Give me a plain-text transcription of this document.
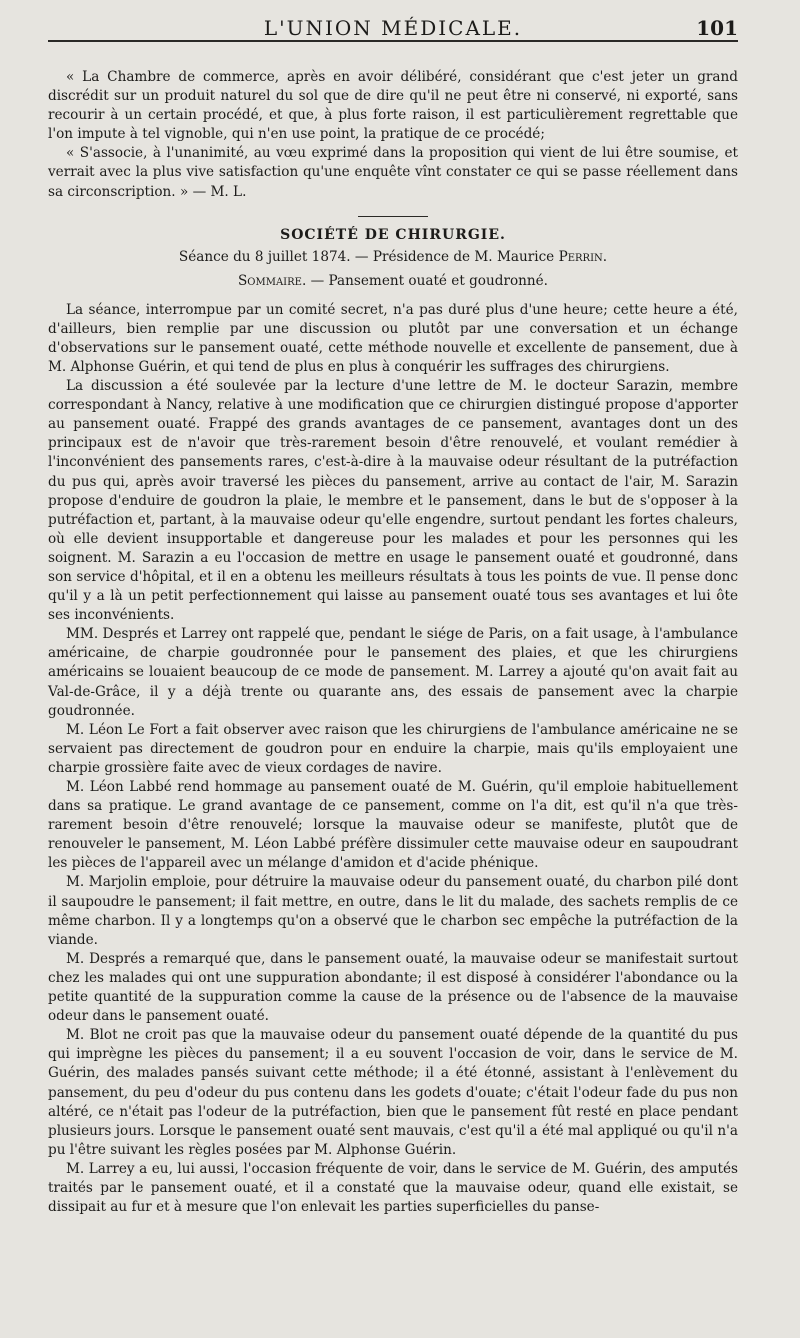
L'UNION MÉDICALE.	101

« La Chambre de commerce, après en avoir délibéré, considérant que c'est jeter un grand discrédit sur un produit naturel du sol que de dire qu'il ne peut être ni conservé, ni exporté, sans recourir à un certain procédé, et que, à plus forte raison, il est particulièrement regrettable que l'on impute à tel vignoble, qui n'en use point, la pratique de ce procédé;

« S'associe, à l'unanimité, au vœu exprimé dans la proposition qui vient de lui être soumise, et verrait avec la plus vive satisfaction qu'une enquête vînt constater ce qui se passe réellement dans sa circonscription. » — M. L.

SOCIÉTÉ DE CHIRURGIE.
Séance du 8 juillet 1874. — Présidence de M. Maurice Perrin.
Sommaire. — Pansement ouaté et goudronné.

La séance, interrompue par un comité secret, n'a pas duré plus d'une heure; cette heure a été, d'ailleurs, bien remplie par une discussion ou plutôt par une conversation et un échange d'observations sur le pansement ouaté, cette méthode nouvelle et excellente de pansement, due à M. Alphonse Guérin, et qui tend de plus en plus à conquérir les suffrages des chirurgiens.

La discussion a été soulevée par la lecture d'une lettre de M. le docteur Sarazin, membre correspondant à Nancy, relative à une modification que ce chirurgien distingué propose d'apporter au pansement ouaté. Frappé des grands avantages de ce pansement, avantages dont un des principaux est de n'avoir que très-rarement besoin d'être renouvelé, et voulant remédier à l'inconvénient des pansements rares, c'est-à-dire à la mauvaise odeur résultant de la putréfaction du pus qui, après avoir traversé les pièces du pansement, arrive au contact de l'air, M. Sarazin propose d'enduire de goudron la plaie, le membre et le pansement, dans le but de s'opposer à la putréfaction et, partant, à la mauvaise odeur qu'elle engendre, surtout pendant les fortes chaleurs, où elle devient insupportable et dangereuse pour les malades et pour les personnes qui les soignent. M. Sarazin a eu l'occasion de mettre en usage le pansement ouaté et goudronné, dans son service d'hôpital, et il en a obtenu les meilleurs résultats à tous les points de vue. Il pense donc qu'il y a là un petit perfectionnement qui laisse au pansement ouaté tous ses avantages et lui ôte ses inconvénients.

MM. Després et Larrey ont rappelé que, pendant le siége de Paris, on a fait usage, à l'ambulance américaine, de charpie goudronnée pour le pansement des plaies, et que les chirurgiens américains se louaient beaucoup de ce mode de pansement. M. Larrey a ajouté qu'on avait fait au Val-de-Grâce, il y a déjà trente ou quarante ans, des essais de pansement avec la charpie goudronnée.

M. Léon Le Fort a fait observer avec raison que les chirurgiens de l'ambulance américaine ne se servaient pas directement de goudron pour en enduire la charpie, mais qu'ils employaient une charpie grossière faite avec de vieux cordages de navire.

M. Léon Labbé rend hommage au pansement ouaté de M. Guérin, qu'il emploie habituellement dans sa pratique. Le grand avantage de ce pansement, comme on l'a dit, est qu'il n'a que très-rarement besoin d'être renouvelé; lorsque la mauvaise odeur se manifeste, plutôt que de renouveler le pansement, M. Léon Labbé préfère dissimuler cette mauvaise odeur en saupoudrant les pièces de l'appareil avec un mélange d'amidon et d'acide phénique.

M. Marjolin emploie, pour détruire la mauvaise odeur du pansement ouaté, du charbon pilé dont il saupoudre le pansement; il fait mettre, en outre, dans le lit du malade, des sachets remplis de ce même charbon. Il y a longtemps qu'on a observé que le charbon sec empêche la putréfaction de la viande.

M. Després a remarqué que, dans le pansement ouaté, la mauvaise odeur se manifestait surtout chez les malades qui ont une suppuration abondante; il est disposé à considérer l'abondance ou la petite quantité de la suppuration comme la cause de la présence ou de l'absence de la mauvaise odeur dans le pansement ouaté.

M. Blot ne croit pas que la mauvaise odeur du pansement ouaté dépende de la quantité du pus qui imprègne les pièces du pansement; il a eu souvent l'occasion de voir, dans le service de M. Guérin, des malades pansés suivant cette méthode; il a été étonné, assistant à l'enlèvement du pansement, du peu d'odeur du pus contenu dans les godets d'ouate; c'était l'odeur fade du pus non altéré, ce n'était pas l'odeur de la putréfaction, bien que le pansement fût resté en place pendant plusieurs jours. Lorsque le pansement ouaté sent mauvais, c'est qu'il a été mal appliqué ou qu'il n'a pu l'être suivant les règles posées par M. Alphonse Guérin.

M. Larrey a eu, lui aussi, l'occasion fréquente de voir, dans le service de M. Guérin, des amputés traités par le pansement ouaté, et il a constaté que la mauvaise odeur, quand elle existait, se dissipait au fur et à mesure que l'on enlevait les parties superficielles du panse-
